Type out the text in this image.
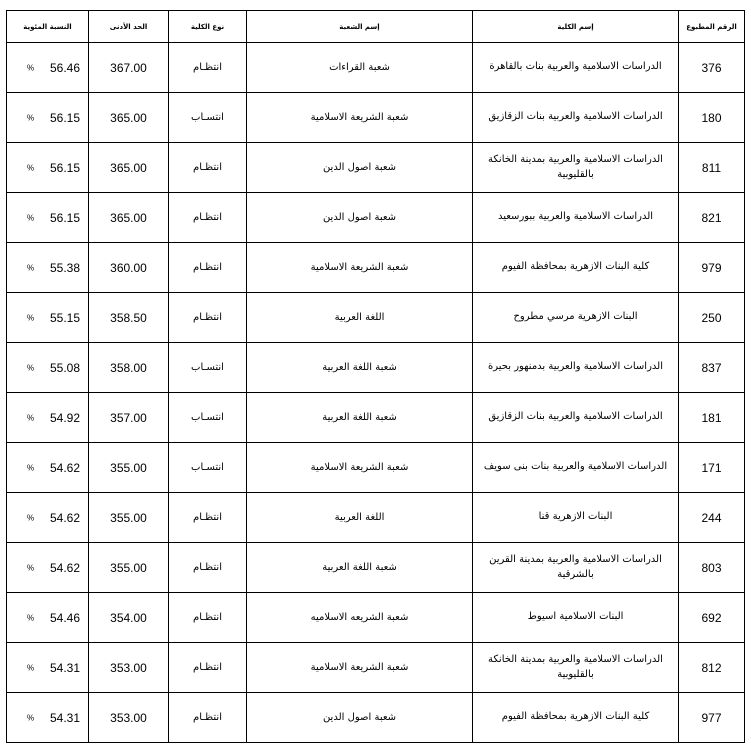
النسبة المئوية	الحد الأدنى	نوع الكلية	إسم الشعبة	إسم الكلية	الرقم المطبوع

% 56.46	367.00	انتظـام	شعبة القراءات	الدراسات الاسلامية والعربية بنات بالقاهرة	376

% 56.15	365.00	انتسـاب	شعبة الشريعة الاسلامية	الدراسات الاسلامية والعربية بنات الزقازيق	180

% 56.15	365.00	انتظـام	شعبة اصول الدين	الدراسات الاسلامية والعربية بمدينة الخانكة بالقليوبية	811

% 56.15	365.00	انتظـام	شعبة اصول الدين	الدراسات الاسلامية والعربية ببورسعيد	821

% 55.38	360.00	انتظـام	شعبة الشريعة الاسلامية	كلية البنات الازهرية بمحافظة الفيوم	979

% 55.15	358.50	انتظـام	اللغة العربية	البنات الازهرية مرسي مطروح	250

% 55.08	358.00	انتسـاب	شعبة اللغة العربية	الدراسات الاسلامية والعربية بدمنهور بحيرة	837

% 54.92	357.00	انتسـاب	شعبة اللغة العربية	الدراسات الاسلامية والعربية بنات الزقازيق	181

% 54.62	355.00	انتسـاب	شعبة الشريعة الاسلامية	الدراسات الاسلامية والعربية بنات بنى سويف	171

% 54.62	355.00	انتظـام	اللغة العربية	البنات الازهرية قنا	244

% 54.62	355.00	انتظـام	شعبة اللغة العربية	الدراسات الاسلامية والعربية بمدينة القرين بالشرقية	803

% 54.46	354.00	انتظـام	شعبة الشريعه الاسلاميه	البنات الاسلامية اسيوط	692

% 54.31	353.00	انتظـام	شعبة الشريعة الاسلامية	الدراسات الاسلامية والعربية بمدينة الخانكة بالقليوبية	812

% 54.31	353.00	انتظـام	شعبة اصول الدين	كلية البنات الازهرية بمحافظة الفيوم	977
